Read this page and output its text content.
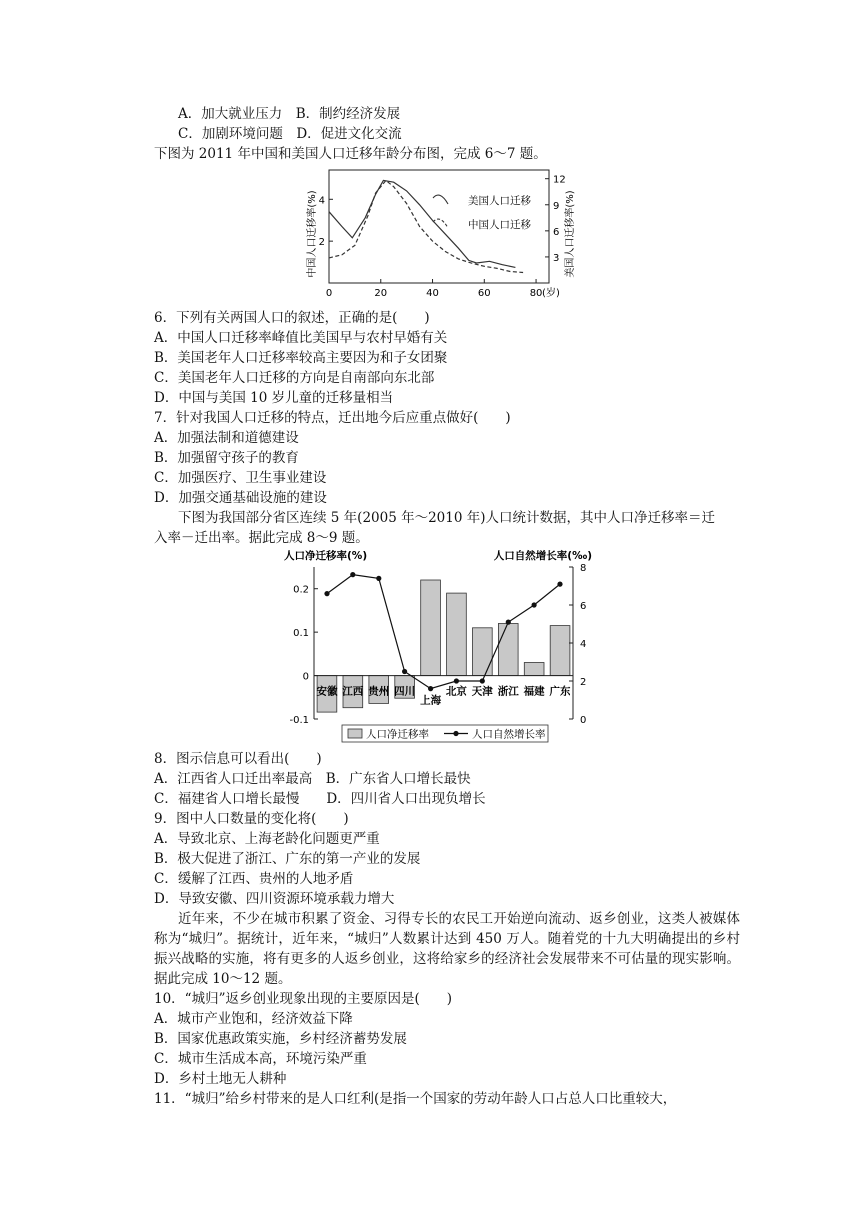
A．加大就业压力　B．制约经济发展
C．加剧环境问题　D．促进文化交流
下图为 2011 年中国和美国人口迁移年龄分布图，完成 6～7 题。
中国人口迁移率(%)	美国人口迁移率(%)
0	20	40	60	80 (岁)
2
4
3
6
9
12
美国人口迁移
中国人口迁移
6．下列有关两国人口的叙述，正确的是(　　)
A．中国人口迁移率峰值比美国早与农村早婚有关
B．美国老年人口迁移率较高主要因为和子女团聚
C．美国老年人口迁移的方向是自南部向东北部
D．中国与美国 10 岁儿童的迁移量相当
7．针对我国人口迁移的特点，迁出地今后应重点做好(　　)
A．加强法制和道德建设
B．加强留守孩子的教育
C．加强医疗、卫生事业建设
D．加强交通基础设施的建设
下图为我国部分省区连续 5 年(2005 年～2010 年)人口统计数据，其中人口净迁移率＝迁
入率－迁出率。据此完成 8～9 题。
人口净迁移率(%)	人口自然增长率(‰)
-0.1
0
0.1
0.2
0
2
4
6
8
安徽 江西 贵州 四川
上海
北京 天津 浙江 福建 广东
人口净迁移率	人口自然增长率
8．图示信息可以看出(　　)
A．江西省人口迁出率最高　B．广东省人口增长最快
C．福建省人口增长最慢　　D．四川省人口出现负增长
9．图中人口数量的变化将(　　)
A．导致北京、上海老龄化问题更严重
B．极大促进了浙江、广东的第一产业的发展
C．缓解了江西、贵州的人地矛盾
D．导致安徽、四川资源环境承载力增大
近年来，不少在城市积累了资金、习得专长的农民工开始逆向流动、返乡创业，这类人被媒体称为“城归”。据统计，近年来，“城归”人数累计达到 450 万人。随着党的十九大明确提出的乡村振兴战略的实施，将有更多的人返乡创业，这将给家乡的经济社会发展带来不可估量的现实影响。据此完成 10～12 题。
10．“城归”返乡创业现象出现的主要原因是(　　)
A．城市产业饱和，经济效益下降
B．国家优惠政策实施，乡村经济蓄势发展
C．城市生活成本高，环境污染严重
D．乡村土地无人耕种
11．“城归”给乡村带来的是人口红利(是指一个国家的劳动年龄人口占总人口比重较大，
